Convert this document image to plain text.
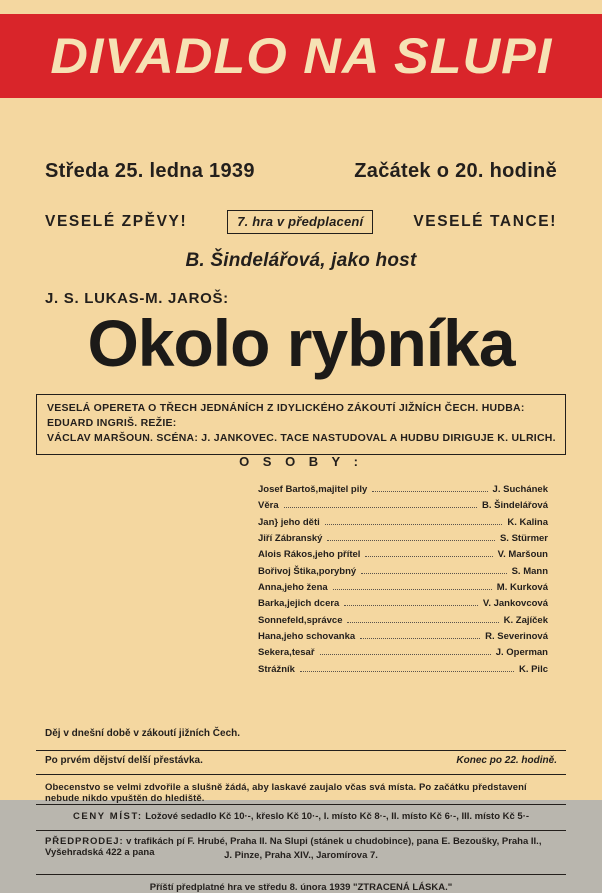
DIVADLO NA SLUPI
Středa 25. ledna 1939	Začátek o 20. hodině
VESELÉ ZPĚVY!	7. hra v předplacení	VESELÉ TANCE!
B. Šindelářová, jako host
J. S. LUKAS-M. JAROŠ:
Okolo rybníka
VESELÁ OPERETA O TŘECH JEDNÁNÍCH Z IDYLICKÉHO ZÁKOUTÍ JIŽNÍCH ČECH. HUDBA: EDUARD INGRIŠ. REŽIE:
VÁCLAV MARŠOUN. SCÉNA: J. JANKOVEC. TACE NASTUDOVAL A HUDBU DIRIGUJE K. ULRICH.
O S O B Y :
Josef Bartoš, majitel pily	J. Suchánek
Věra	B. Šindelářová
Jan } jeho děti	K. Kalina
Jiří Zábranský	S. Stürmer
Alois Rákos, jeho přítel	V. Maršoun
Bořivoj Štika, porybný	S. Mann
Anna, jeho žena	M. Kurková
Barka, jejich dcera	V. Jankovcová
Sonnefeld, správce	K. Zajíček
Hana, jeho schovanka	R. Severinová
Sekera, tesař	J. Operman
Strážník	K. Pilc
Děj v dnešní době v zákoutí jižních Čech.
Po prvém dějství delší přestávka.	Konec po 22. hodině.
Obecenstvo se velmi zdvořile a slušně žádá, aby laskavé zaujalo včas svá místa. Po začátku představení nebude nikdo vpuštěn do hlediště.
CENY MÍST: Ložové sedadlo Kč 10·-, křeslo Kč 10·-, I. místo Kč 8·-, II. místo Kč 6·-, III. místo Kč 5·-
PŘEDPRODEJ: v trafikách pí F. Hrubé, Praha II. Na Slupi (stánek u chudobince), pana E. Bezoušky, Praha II., Vyšehradská 422 a pana	J. Pinze, Praha XIV., Jaromírova 7.
Příští předplatné hra ve středu 8. února 1939 "ZTRACENÁ LÁSKA."
